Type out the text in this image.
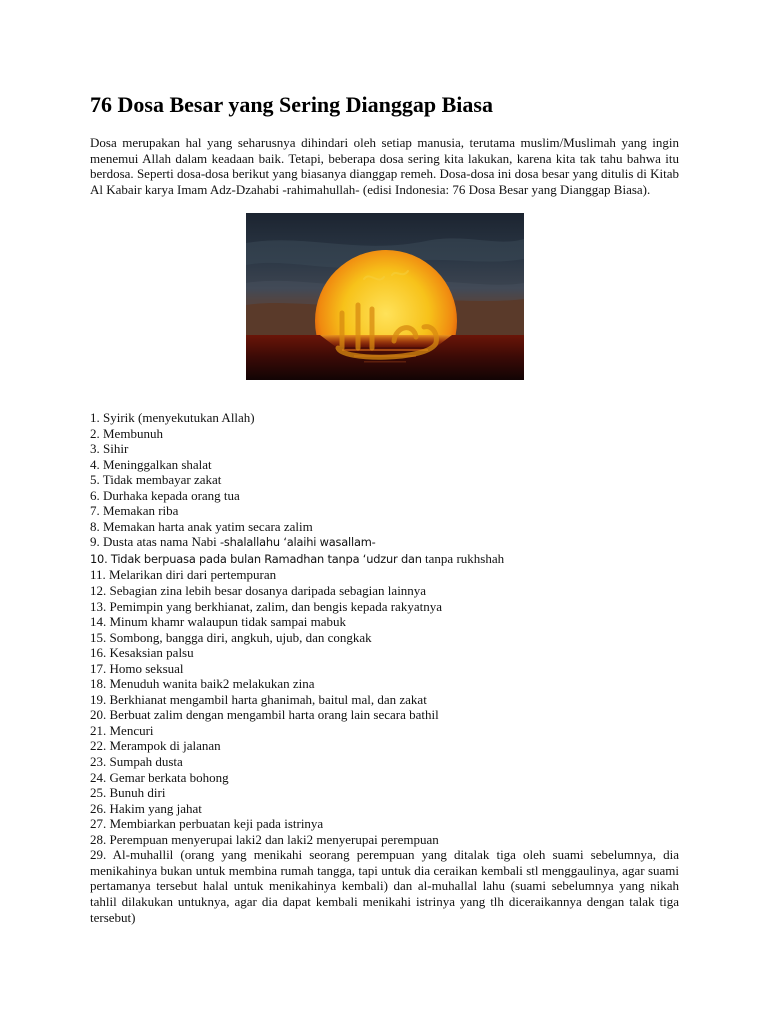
76 Dosa Besar yang Sering Dianggap Biasa

Dosa merupakan hal yang seharusnya dihindari oleh setiap manusia, terutama muslim/Muslimah yang ingin menemui Allah dalam keadaan baik. Tetapi, beberapa dosa sering kita lakukan, karena kita tak tahu bahwa itu berdosa. Seperti dosa-dosa berikut yang biasanya dianggap remeh. Dosa-dosa ini dosa besar yang ditulis di Kitab Al Kabair karya Imam Adz-Dzahabi -rahimahullah- (edisi Indonesia: 76 Dosa Besar yang Dianggap Biasa).

1. Syirik (menyekutukan Allah)
2. Membunuh
3. Sihir
4. Meninggalkan shalat
5. Tidak membayar zakat
6. Durhaka kepada orang tua
7. Memakan riba
8. Memakan harta anak yatim secara zalim
9. Dusta atas nama Nabi -shalallahu ‘alaihi wasallam-
10. Tidak berpuasa pada bulan Ramadhan tanpa ‘udzur dan tanpa rukhshah
11. Melarikan diri dari pertempuran
12. Sebagian zina lebih besar dosanya daripada sebagian lainnya
13. Pemimpin yang berkhianat, zalim, dan bengis kepada rakyatnya
14. Minum khamr walaupun tidak sampai mabuk
15. Sombong, bangga diri, angkuh, ujub, dan congkak
16. Kesaksian palsu
17. Homo seksual
18. Menuduh wanita baik2 melakukan zina
19. Berkhianat mengambil harta ghanimah, baitul mal, dan zakat
20. Berbuat zalim dengan mengambil harta orang lain secara bathil
21. Mencuri
22. Merampok di jalanan
23. Sumpah dusta
24. Gemar berkata bohong
25. Bunuh diri
26. Hakim yang jahat
27. Membiarkan perbuatan keji pada istrinya
28. Perempuan menyerupai laki2 dan laki2 menyerupai perempuan
29. Al-muhallil (orang yang menikahi seorang perempuan yang ditalak tiga oleh suami sebelumnya, dia menikahinya bukan untuk membina rumah tangga, tapi untuk dia ceraikan kembali stl menggaulinya, agar suami pertamanya tersebut halal untuk menikahinya kembali) dan al-muhallal lahu (suami sebelumnya yang nikah tahlil dilakukan untuknya, agar dia dapat kembali menikahi istrinya yang tlh diceraikannya dengan talak tiga tersebut)
